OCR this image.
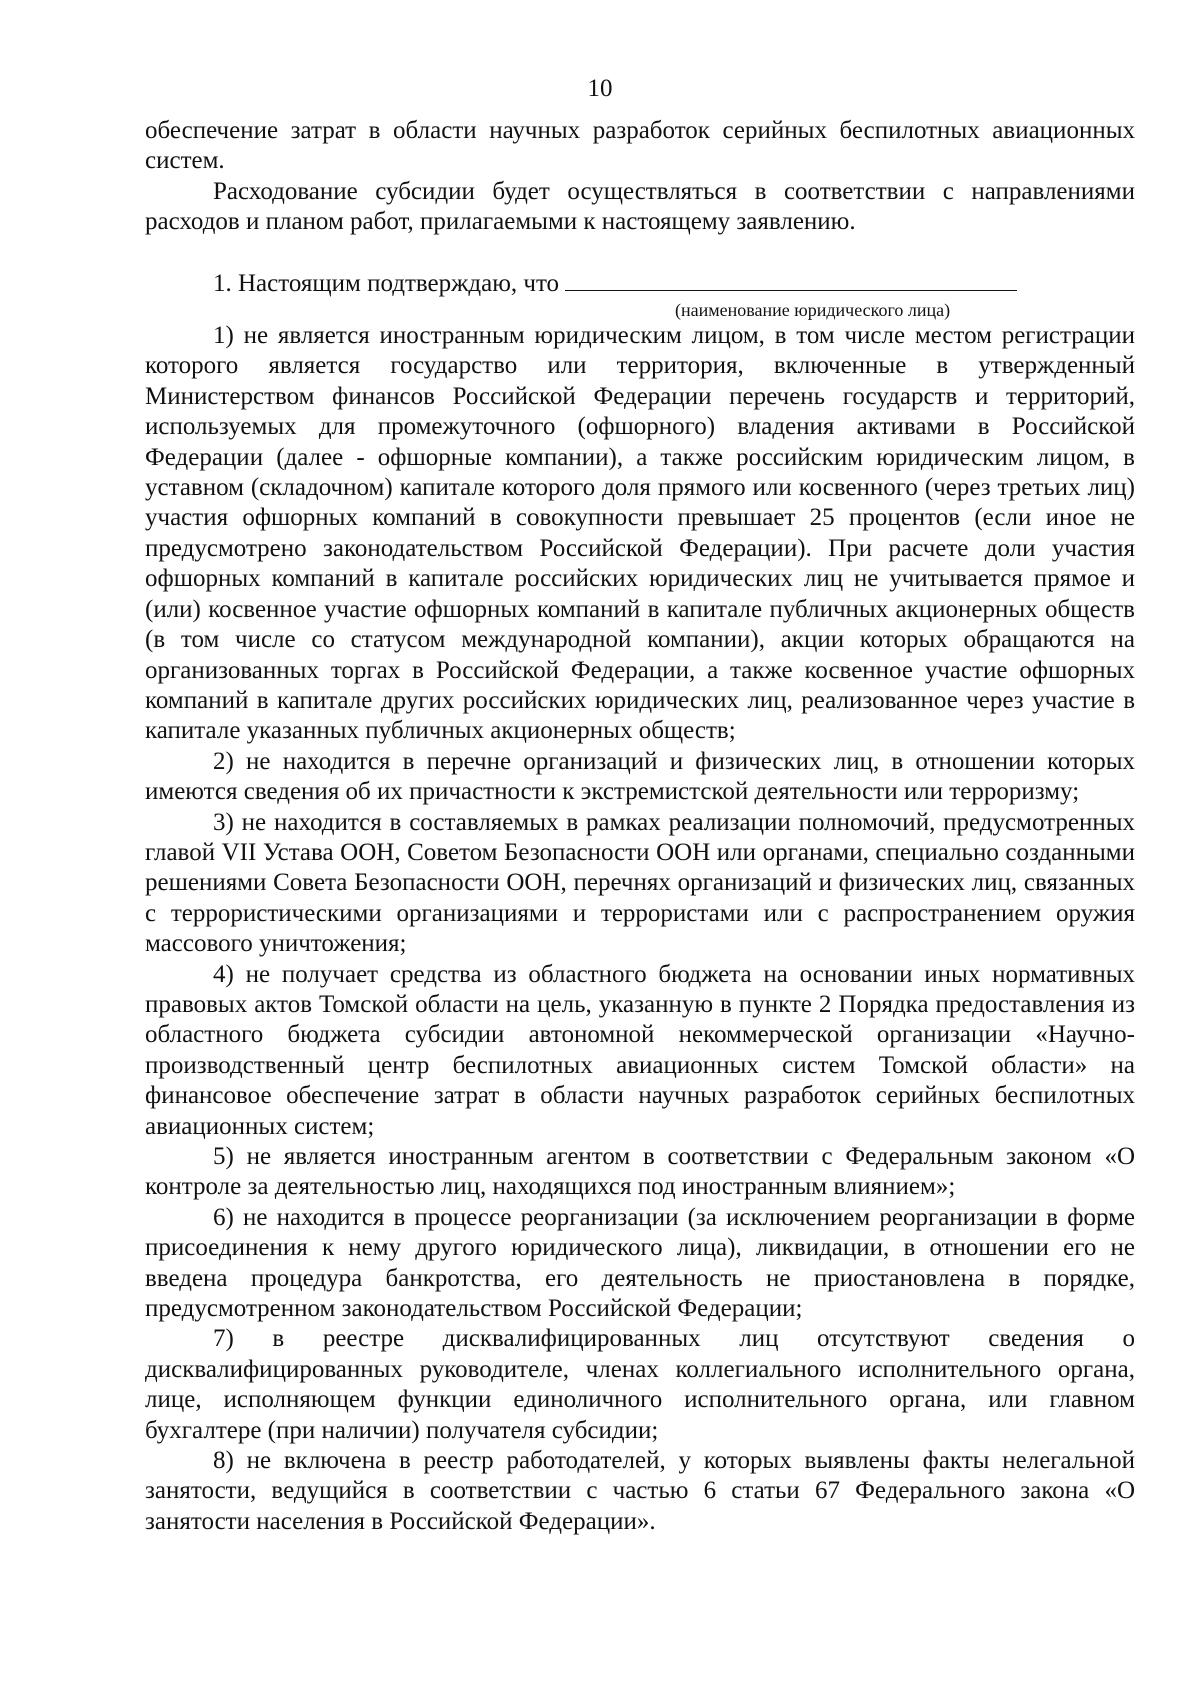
10

обеспечение затрат в области научных разработок серийных беспилотных авиационных систем.

Расходование субсидии будет осуществляться в соответствии с направлениями расходов и планом работ, прилагаемыми к настоящему заявлению.

1. Настоящим подтверждаю, что

(наименование юридического лица)

1) не является иностранным юридическим лицом, в том числе местом регистрации которого является государство или территория, включенные в утвержденный Министерством финансов Российской Федерации перечень государств и территорий, используемых для промежуточного (офшорного) владения активами в Российской Федерации (далее - офшорные компании), а также российским юридическим лицом, в уставном (складочном) капитале которого доля прямого или косвенного (через третьих лиц) участия офшорных компаний в совокупности превышает 25 процентов (если иное не предусмотрено законодательством Российской Федерации). При расчете доли участия офшорных компаний в капитале российских юридических лиц не учитывается прямое и (или) косвенное участие офшорных компаний в капитале публичных акционерных обществ (в том числе со статусом международной компании), акции которых обращаются на организованных торгах в Российской Федерации, а также косвенное участие офшорных компаний в капитале других российских юридических лиц, реализованное через участие в капитале указанных публичных акционерных обществ;

2) не находится в перечне организаций и физических лиц, в отношении которых имеются сведения об их причастности к экстремистской деятельности или терроризму;

3) не находится в составляемых в рамках реализации полномочий, предусмотренных главой VII Устава ООН, Советом Безопасности ООН или органами, специально созданными решениями Совета Безопасности ООН, перечнях организаций и физических лиц, связанных с террористическими организациями и террористами или с распространением оружия массового уничтожения;

4) не получает средства из областного бюджета на основании иных нормативных правовых актов Томской области на цель, указанную в пункте 2 Порядка предоставления из областного бюджета субсидии автономной некоммерческой организации «Научно-производственный центр беспилотных авиационных систем Томской области» на финансовое обеспечение затрат в области научных разработок серийных беспилотных авиационных систем;

5) не является иностранным агентом в соответствии с Федеральным законом «О контроле за деятельностью лиц, находящихся под иностранным влиянием»;

6) не находится в процессе реорганизации (за исключением реорганизации в форме присоединения к нему другого юридического лица), ликвидации, в отношении его не введена процедура банкротства, его деятельность не приостановлена в порядке, предусмотренном законодательством Российской Федерации;

7) в реестре дисквалифицированных лиц отсутствуют сведения о дисквалифицированных руководителе, членах коллегиального исполнительного органа, лице, исполняющем функции единоличного исполнительного органа, или главном бухгалтере (при наличии) получателя субсидии;

8) не включена в реестр работодателей, у которых выявлены факты нелегальной занятости, ведущийся в соответствии с частью 6 статьи 67 Федерального закона «О занятости населения в Российской Федерации».
